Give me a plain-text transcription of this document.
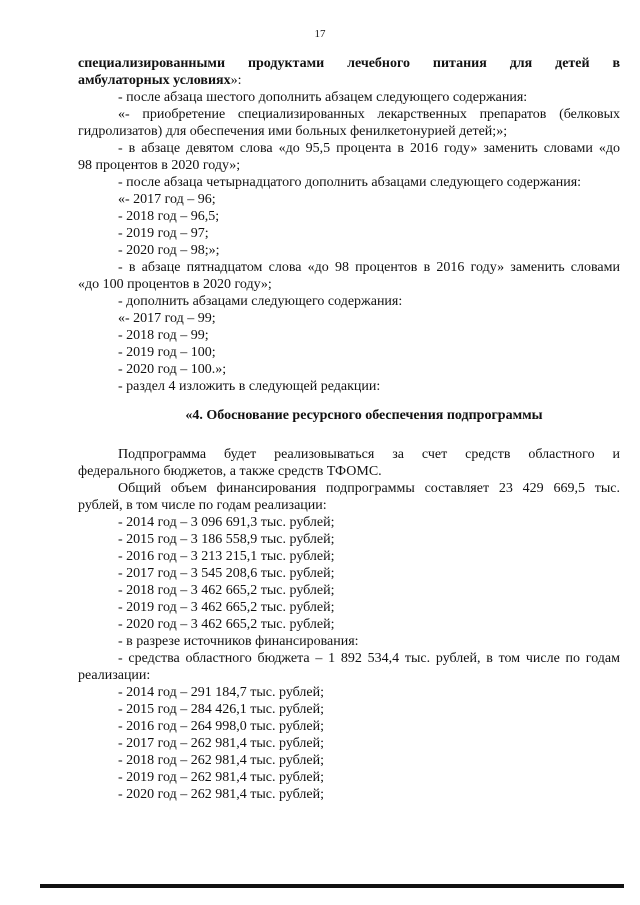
17

специализированными продуктами лечебного питания для детей в

амбулаторных условиях»:

- после абзаца шестого дополнить абзацем следующего содержания:

«- приобретение специализированных лекарственных препаратов (белковых

гидролизатов) для обеспечения ими больных фенилкетонурией детей;»;

- в абзаце девятом слова «до 95,5 процента в 2016 году» заменить словами «до

98 процентов в 2020 году»;

- после абзаца четырнадцатого дополнить абзацами следующего содержания:

«- 2017 год – 96;

- 2018 год – 96,5;

- 2019 год – 97;

- 2020 год – 98;»;

- в абзаце пятнадцатом слова «до 98 процентов в 2016 году» заменить словами

«до 100 процентов в 2020 году»;

- дополнить абзацами следующего содержания:

«- 2017 год – 99;

- 2018 год – 99;

- 2019 год – 100;

- 2020 год – 100.»;

- раздел 4 изложить в следующей редакции:

«4. Обоснование ресурсного обеспечения подпрограммы

Подпрограмма будет реализовываться за счет средств областного и

федерального бюджетов, а также средств ТФОМС.

Общий объем финансирования подпрограммы составляет 23 429 669,5 тыс.

рублей, в том числе по годам реализации:

- 2014 год – 3 096 691,3 тыс. рублей;

- 2015 год – 3 186 558,9 тыс. рублей;

- 2016 год – 3 213 215,1 тыс. рублей;

- 2017 год – 3 545 208,6 тыс. рублей;

- 2018 год – 3 462 665,2 тыс. рублей;

- 2019 год – 3 462 665,2 тыс. рублей;

- 2020 год – 3 462 665,2 тыс. рублей;

- в разрезе источников финансирования:

- средства областного бюджета – 1 892 534,4 тыс. рублей, в том числе по годам

реализации:

- 2014 год – 291 184,7 тыс. рублей;

- 2015 год – 284 426,1 тыс. рублей;

- 2016 год – 264 998,0 тыс. рублей;

- 2017 год – 262 981,4 тыс. рублей;

- 2018 год – 262 981,4 тыс. рублей;

- 2019 год – 262 981,4 тыс. рублей;

- 2020 год – 262 981,4 тыс. рублей;
